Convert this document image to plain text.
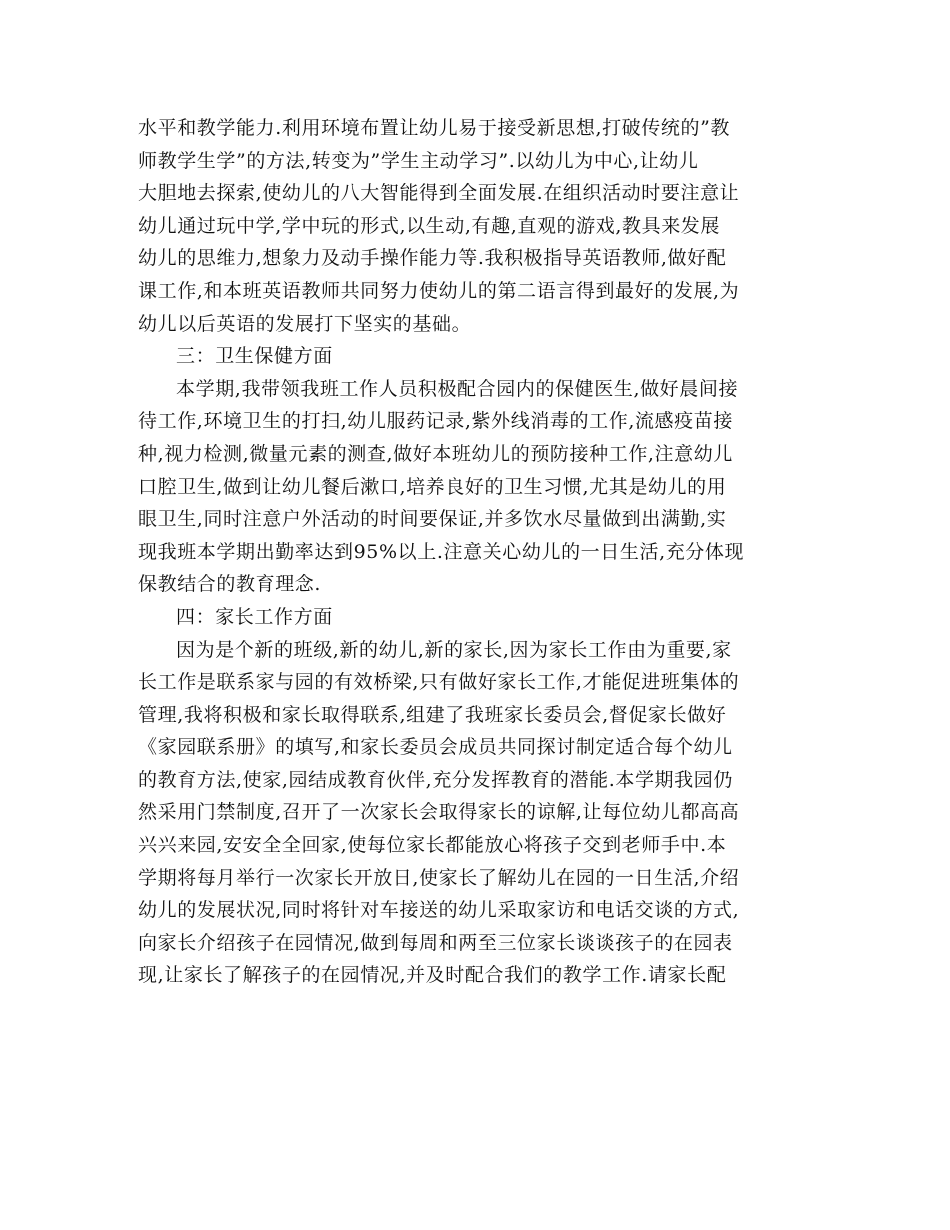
水平和教学能力.利用环境布置让幼儿易于接受新思想,打破传统的”教
师教学生学”的方法,转变为”学生主动学习”.以幼儿为中心,让幼儿
大胆地去探索,使幼儿的八大智能得到全面发展.在组织活动时要注意让
幼儿通过玩中学,学中玩的形式,以生动,有趣,直观的游戏,教具来发展
幼儿的思维力,想象力及动手操作能力等.我积极指导英语教师,做好配
课工作,和本班英语教师共同努力使幼儿的第二语言得到最好的发展,为
幼儿以后英语的发展打下坚实的基础。
三：卫生保健方面
本学期,我带领我班工作人员积极配合园内的保健医生,做好晨间接
待工作,环境卫生的打扫,幼儿服药记录,紫外线消毒的工作,流感疫苗接
种,视力检测,微量元素的测查,做好本班幼儿的预防接种工作,注意幼儿
口腔卫生,做到让幼儿餐后漱口,培养良好的卫生习惯,尤其是幼儿的用
眼卫生,同时注意户外活动的时间要保证,并多饮水尽量做到出满勤,实
现我班本学期出勤率达到95%以上.注意关心幼儿的一日生活,充分体现
保教结合的教育理念.
四：家长工作方面
因为是个新的班级,新的幼儿,新的家长,因为家长工作由为重要,家
长工作是联系家与园的有效桥梁,只有做好家长工作,才能促进班集体的
管理,我将积极和家长取得联系,组建了我班家长委员会,督促家长做好
《家园联系册》的填写,和家长委员会成员共同探讨制定适合每个幼儿
的教育方法,使家,园结成教育伙伴,充分发挥教育的潜能.本学期我园仍
然采用门禁制度,召开了一次家长会取得家长的谅解,让每位幼儿都高高
兴兴来园,安安全全回家,使每位家长都能放心将孩子交到老师手中.本
学期将每月举行一次家长开放日,使家长了解幼儿在园的一日生活,介绍
幼儿的发展状况,同时将针对车接送的幼儿采取家访和电话交谈的方式,
向家长介绍孩子在园情况,做到每周和两至三位家长谈谈孩子的在园表
现,让家长了解孩子的在园情况,并及时配合我们的教学工作.请家长配
